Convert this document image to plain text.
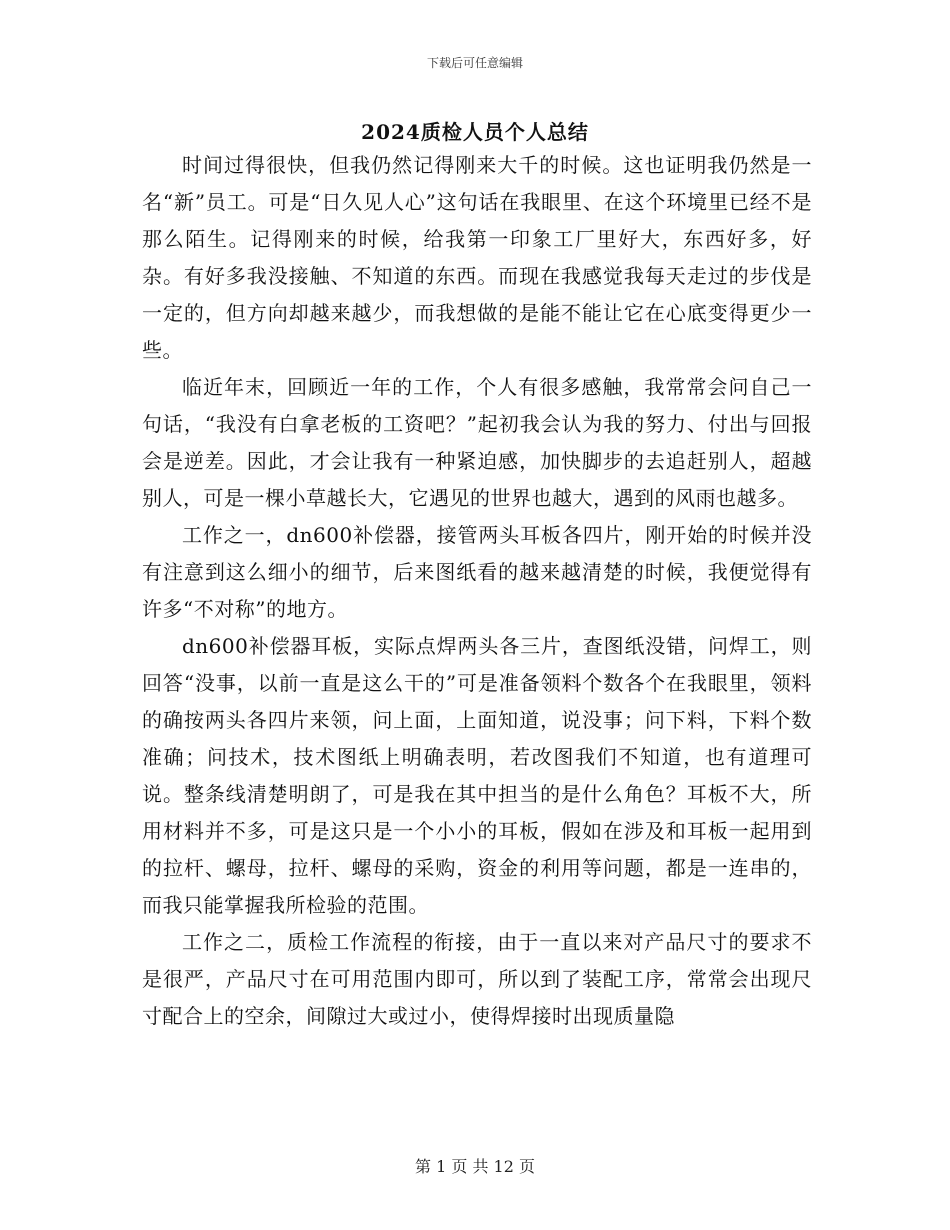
下载后可任意编辑
2024质检人员个人总结

时间过得很快，但我仍然记得刚来大千的时候。这也证明我仍然是一名“新”员工。可是“日久见人心”这句话在我眼里、在这个环境里已经不是那么陌生。记得刚来的时候，给我第一印象工厂里好大，东西好多，好杂。有好多我没接触、不知道的东西。而现在我感觉我每天走过的步伐是一定的，但方向却越来越少，而我想做的是能不能让它在心底变得更少一些。

临近年末，回顾近一年的工作，个人有很多感触，我常常会问自己一句话，“我没有白拿老板的工资吧？”起初我会认为我的努力、付出与回报会是逆差。因此，才会让我有一种紧迫感，加快脚步的去追赶别人，超越别人，可是一棵小草越长大，它遇见的世界也越大，遇到的风雨也越多。

工作之一，dn600补偿器，接管两头耳板各四片，刚开始的时候并没有注意到这么细小的细节，后来图纸看的越来越清楚的时候，我便觉得有许多“不对称”的地方。

dn600补偿器耳板，实际点焊两头各三片，查图纸没错，问焊工，则回答“没事，以前一直是这么干的”可是准备领料个数各个在我眼里，领料的确按两头各四片来领，问上面，上面知道，说没事；问下料，下料个数准确；问技术，技术图纸上明确表明，若改图我们不知道，也有道理可说。整条线清楚明朗了，可是我在其中担当的是什么角色？耳板不大，所用材料并不多，可是这只是一个小小的耳板，假如在涉及和耳板一起用到的拉杆、螺母，拉杆、螺母的采购，资金的利用等问题，都是一连串的，而我只能掌握我所检验的范围。

工作之二，质检工作流程的衔接，由于一直以来对产品尺寸的要求不是很严，产品尺寸在可用范围内即可，所以到了装配工序，常常会出现尺寸配合上的空余，间隙过大或过小，使得焊接时出现质量隐

第 1 页 共 12 页
